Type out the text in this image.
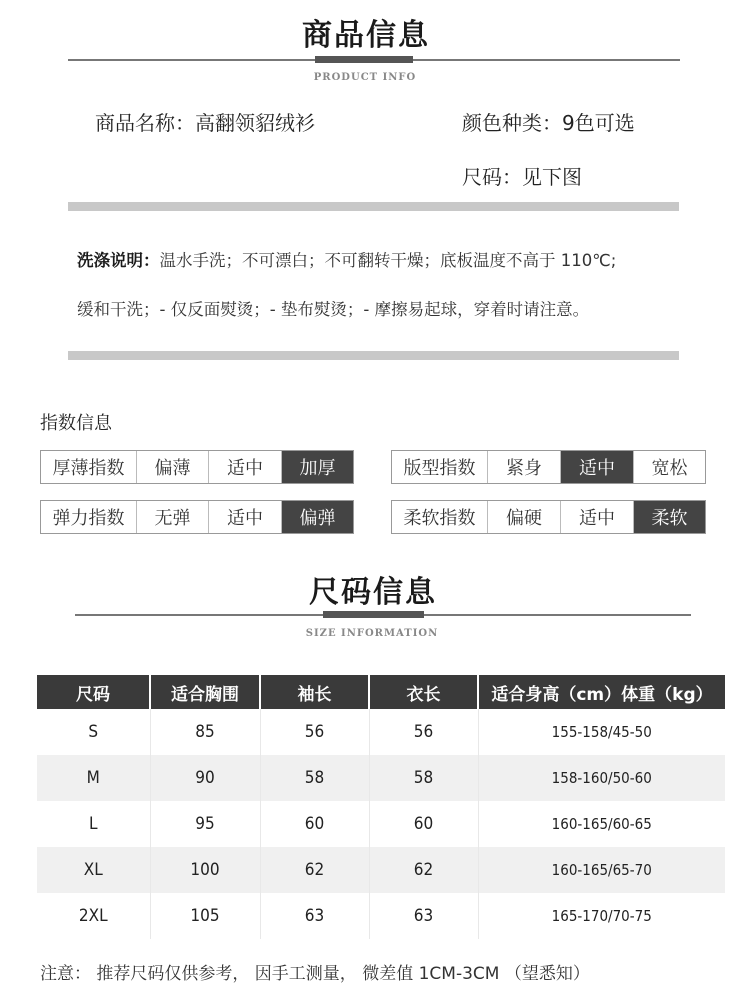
商品信息
PRODUCT INFO
商品名称：高翻领貂绒衫	颜色种类：9色可选
尺码：见下图
洗涤说明：温水手洗；不可漂白；不可翻转干燥；底板温度不高于 110℃;
缓和干洗；- 仅反面熨烫；- 垫布熨烫；- 摩擦易起球，穿着时请注意。
指数信息
厚薄指数	偏薄	适中	加厚	版型指数	紧身	适中	宽松
弹力指数	无弹	适中	偏弹	柔软指数	偏硬	适中	柔软
尺码信息
SIZE INFORMATION
尺码	适合胸围	袖长	衣长	适合身高（cm）体重（kg）
S	85	56	56	155-158/45-50
M	90	58	58	158-160/50-60
L	95	60	60	160-165/60-65
XL	100	62	62	160-165/65-70
2XL	105	63	63	165-170/70-75
注意： 推荐尺码仅供参考， 因手工测量， 微差值 1CM-3CM （望悉知）
